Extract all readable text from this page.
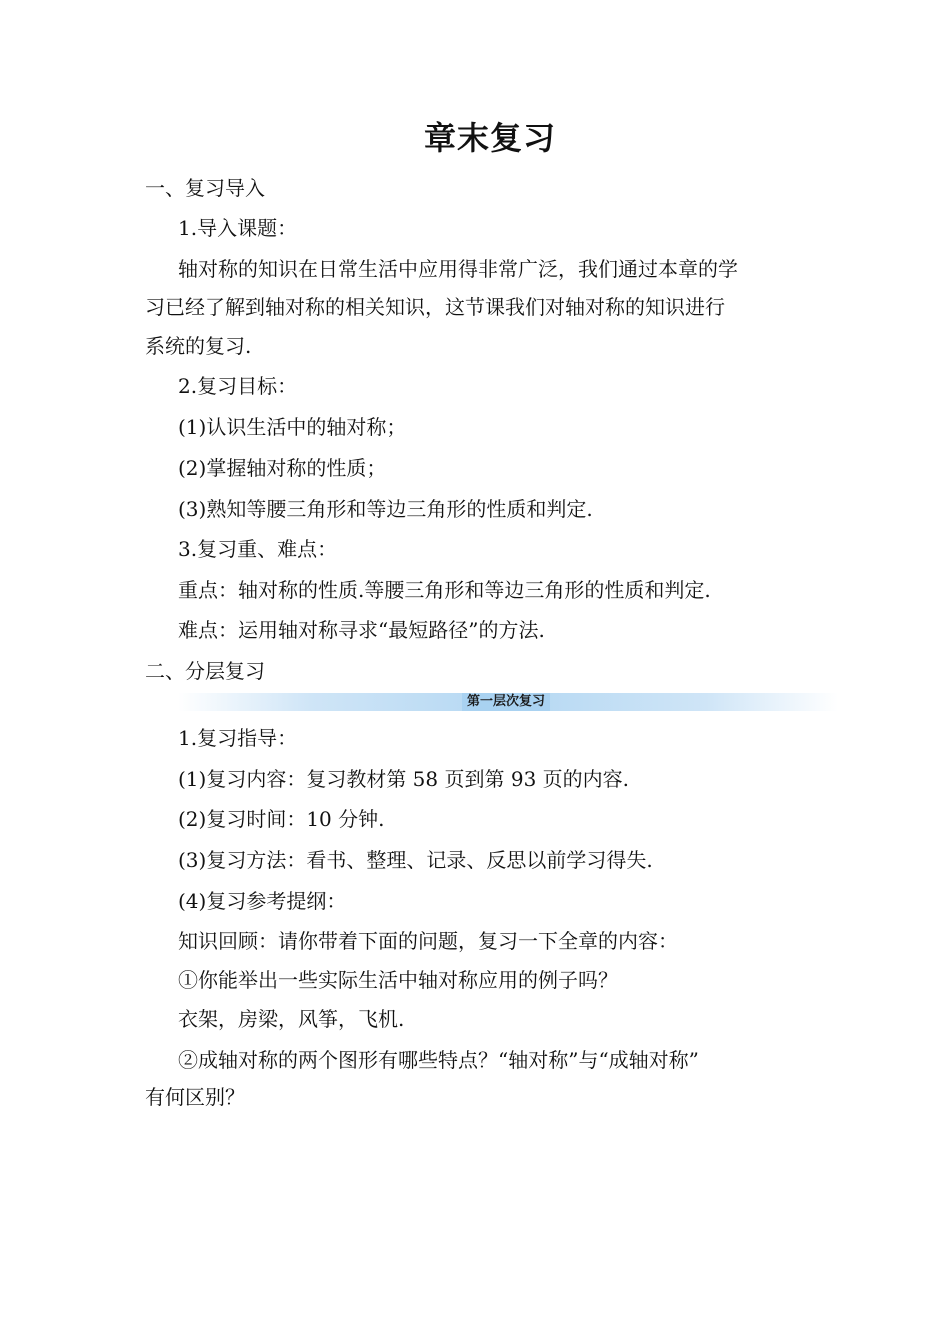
章末复习

一、复习导入

1.导入课题：

轴对称的知识在日常生活中应用得非常广泛，我们通过本章的学

习已经了解到轴对称的相关知识，这节课我们对轴对称的知识进行

系统的复习.

2.复习目标：

(1)认识生活中的轴对称；

(2)掌握轴对称的性质；

(3)熟知等腰三角形和等边三角形的性质和判定.

3.复习重、难点：

重点：轴对称的性质.等腰三角形和等边三角形的性质和判定.

难点：运用轴对称寻求“最短路径”的方法.

二、分层复习

第一层次复习

1.复习指导：

(1)复习内容：复习教材第 58 页到第 93 页的内容.

(2)复习时间：10 分钟.

(3)复习方法：看书、整理、记录、反思以前学习得失.

(4)复习参考提纲：

知识回顾：请你带着下面的问题，复习一下全章的内容：

①你能举出一些实际生活中轴对称应用的例子吗？

衣架，房梁，风筝，飞机.

②成轴对称的两个图形有哪些特点？“轴对称”与“成轴对称”

有何区别？
